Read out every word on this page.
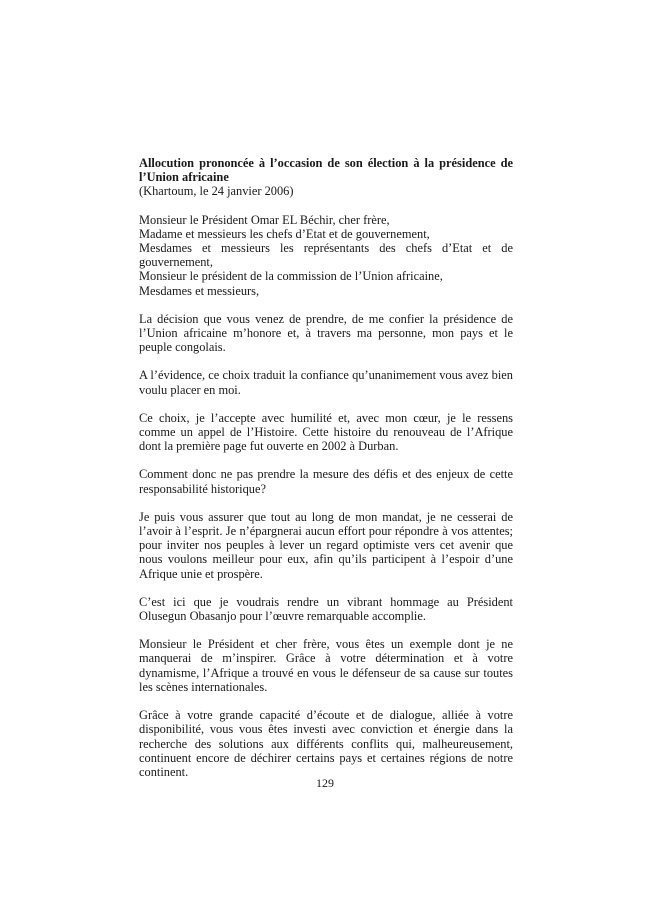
Allocution prononcée à l’occasion de son élection à la présidence de l’Union africaine

(Khartoum, le 24 janvier 2006)

Monsieur le Président Omar EL Béchir, cher frère,
Madame et messieurs les chefs d’Etat et de gouvernement,
Mesdames et messieurs les représentants des chefs d’Etat et de
gouvernement,
Monsieur le président de la commission de l’Union africaine,
Mesdames et messieurs,

La décision que vous venez de prendre, de me confier la présidence de l’Union africaine m’honore et, à travers ma personne, mon pays et le peuple congolais.

A l’évidence, ce choix traduit la confiance qu’unanimement vous avez bien voulu placer en moi.

Ce choix, je l’accepte avec humilité et, avec mon cœur, je le ressens comme un appel de l’Histoire. Cette histoire du renouveau de l’Afrique dont la première page fut ouverte en 2002 à Durban.

Comment donc ne pas prendre la mesure des défis et des enjeux de cette responsabilité historique?

Je puis vous assurer que tout au long de mon mandat, je ne cesserai de l’avoir à l’esprit. Je n’épargnerai aucun effort pour répondre à vos attentes; pour inviter nos peuples à lever un regard optimiste vers cet avenir que nous voulons meilleur pour eux, afin qu’ils participent à l’espoir d’une Afrique unie et prospère.

C’est ici que je voudrais rendre un vibrant hommage au Président Olusegun Obasanjo pour l’œuvre remarquable accomplie.

Monsieur le Président et cher frère, vous êtes un exemple dont je ne manquerai de m’inspirer. Grâce à votre détermination et à votre dynamisme, l’Afrique a trouvé en vous le défenseur de sa cause sur toutes les scènes internationales.

Grâce à votre grande capacité d’écoute et de dialogue, alliée à votre disponibilité, vous vous êtes investi avec conviction et énergie dans la recherche des solutions aux différents conflits qui, malheureusement, continuent encore de déchirer certains pays et certaines régions de notre continent.

129
